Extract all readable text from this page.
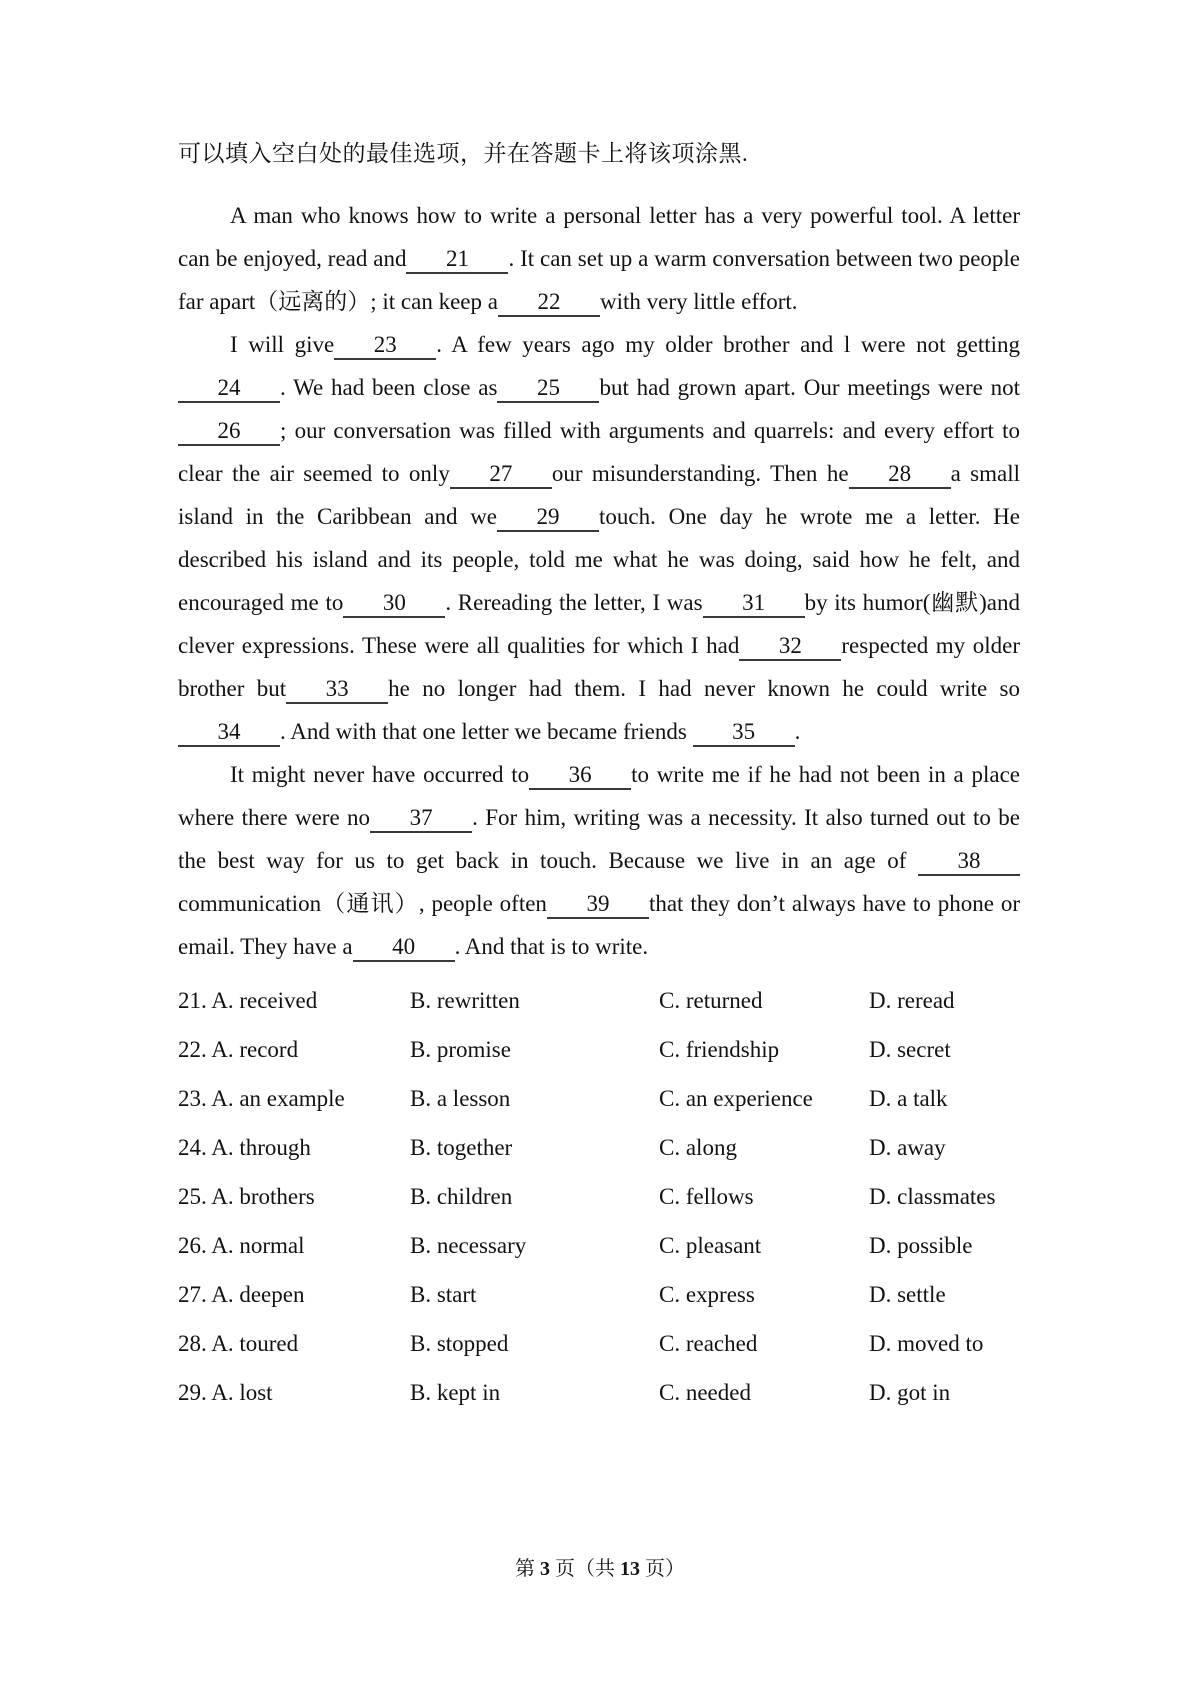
可以填入空白处的最佳选项，并在答题卡上将该项涂黑.

A man who knows how to write a personal letter has a very powerful tool. A letter can be enjoyed, read and 21 . It can set up a warm conversation between two people far apart（远离的）; it can keep a 22 with very little effort.

I will give 23 . A few years ago my older brother and l were not getting 24 . We had been close as 25 but had grown apart. Our meetings were not 26 ; our conversation was filled with arguments and quarrels: and every effort to clear the air seemed to only 27 our misunderstanding. Then he 28 a small island in the Caribbean and we 29 touch. One day he wrote me a letter. He described his island and its people, told me what he was doing, said how he felt, and encouraged me to 30 . Rereading the letter, I was 31 by its humor(幽默)and clever expressions. These were all qualities for which I had 32 respected my older brother but 33 he no longer had them. I had never known he could write so34 . And with that one letter we became friends 35 .

It might never have occurred to 36 to write me if he had not been in a place where there were no 37 . For him, writing was a necessity. It also turned out to be the best way for us to get back in touch. Because we live in an age of 38 communication（通讯）, people often 39 that they don’t always have to phone or email. They have a 40 . And that is to write.

21. A. received	B. rewritten	C. returned	D. reread
22. A. record	B. promise	C. friendship	D. secret
23. A. an example	B. a lesson	C. an experience	D. a talk
24. A. through	B. together	C. along	D. away
25. A. brothers	B. children	C. fellows	D. classmates
26. A. normal	B. necessary	C. pleasant	D. possible
27. A. deepen	B. start	C. express	D. settle
28. A. toured	B. stopped	C. reached	D. moved to
29. A. lost	B. kept in	C. needed	D. got in
第 3 页（共 13 页）
